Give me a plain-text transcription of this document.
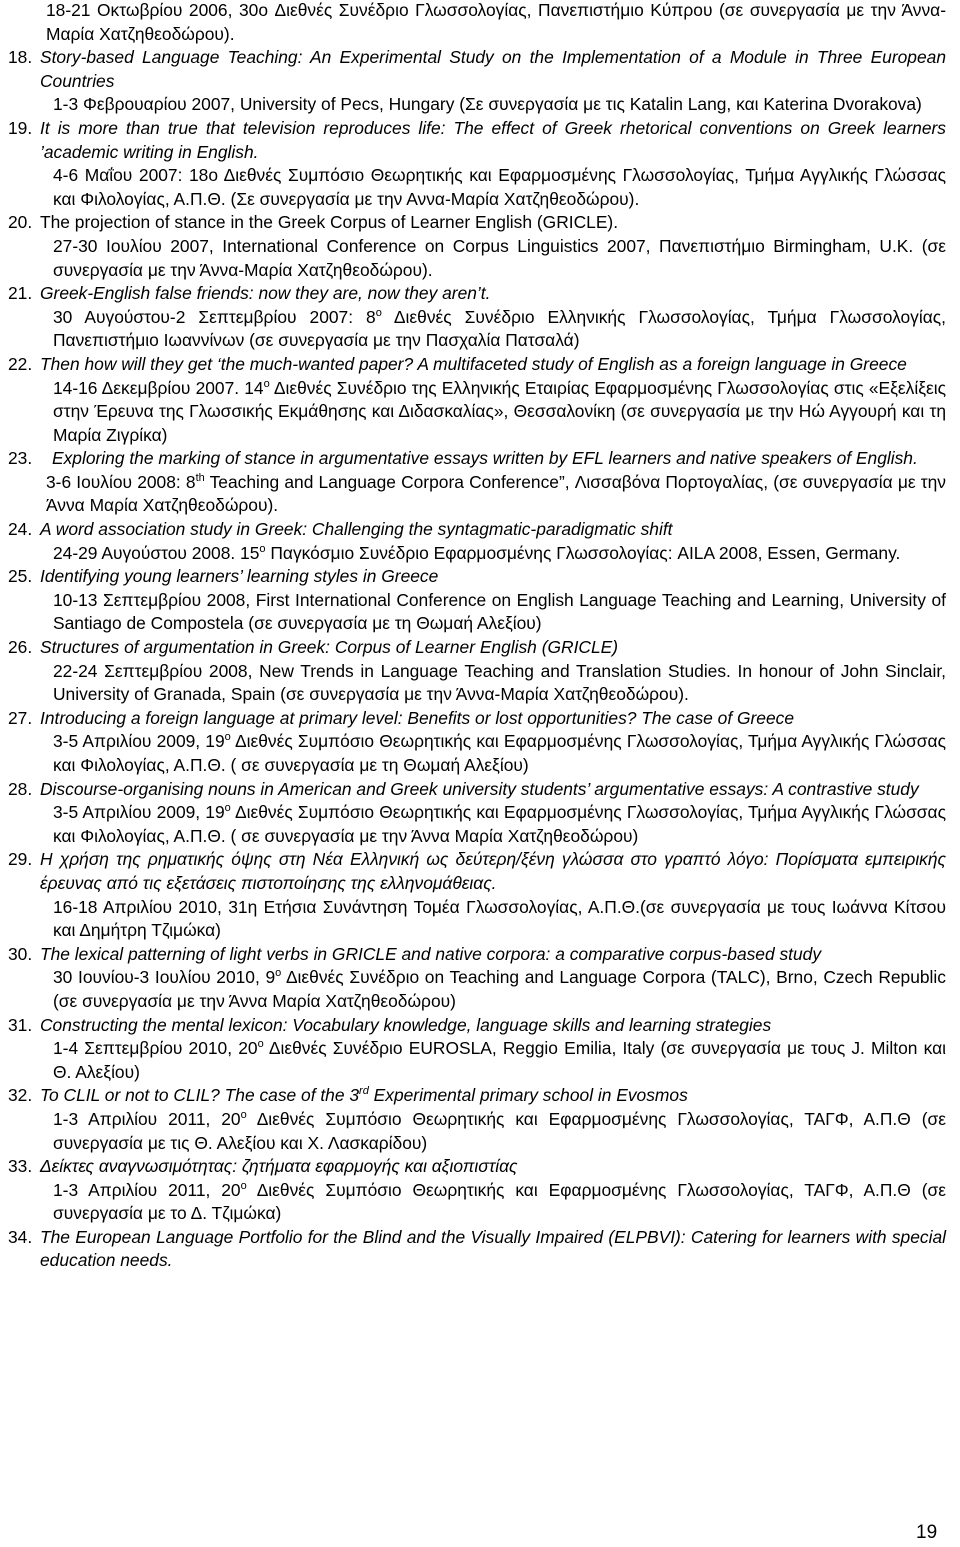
18-21 Οκτωβρίου 2006, 30o Διεθνές Συνέδριο Γλωσσολογίας, Πανεπιστήμιο Κύπρου (σε συνεργασία με την Άννα-Μαρία Χατζηθεοδώρου).
18. Story-based Language Teaching: An Experimental Study on the Implementation of a Module in Three European Countries
1-3 Φεβρουαρίου 2007, University of Pecs, Hungary (Σε συνεργασία με τις Katalin Lang, και Katerina Dvorakova)
19. It is more than true that television reproduces life: The effect of Greek rhetorical conventions on Greek learners ’academic writing in English.
4-6 Μαΐου 2007: 18ο Διεθνές Συμπόσιο Θεωρητικής και Εφαρμοσμένης Γλωσσολογίας, Τμήμα Αγγλικής Γλώσσας και Φιλολογίας, Α.Π.Θ. (Σε συνεργασία με την Αννα-Μαρία Χατζηθεοδώρου).
20. The projection of stance in the Greek Corpus of Learner English (GRICLE).
27-30 Ιουλίου 2007, International Conference on Corpus Linguistics 2007, Πανεπιστήμιο Birmingham, U.K. (σε συνεργασία με την Άννα-Μαρία Χατζηθεοδώρου).
21. Greek-English false friends: now they are, now they aren’t.
30 Αυγούστου-2 Σεπτεμβρίου 2007: $8^o$ Διεθνές Συνέδριο Ελληνικής Γλωσσολογίας, Τμήμα Γλωσσολογίας, Πανεπιστήμιο Ιωαννίνων (σε συνεργασία με την Πασχαλία Πατσαλά)
22. Then how will they get ‘the much-wanted paper? A multifaceted study of English as a foreign language in Greece
14-16 Δεκεμβρίου 2007. $14^o$ Διεθνές Συνέδριο της Ελληνικής Εταιρίας Εφαρμοσμένης Γλωσσολογίας στις «Εξελίξεις στην Έρευνα της Γλωσσικής Εκμάθησης και Διδασκαλίας», Θεσσαλονίκη (σε συνεργασία με την Ηώ Αγγουρή και τη Μαρία Ζιγρίκα)
23.	Exploring the marking of stance in argumentative essays written by EFL learners and native speakers of English.
3-6 Ιουλίου 2008: 8th Teaching and Language Corpora Conference”, Λισσαβόνα Πορτογαλίας, (σε συνεργασία με την Άννα Μαρία Χατζηθεοδώρου).
24. A word association study in Greek: Challenging the syntagmatic-paradigmatic shift
24-29 Αυγούστου 2008. $15^o$ Παγκόσμιο Συνέδριο Εφαρμοσμένης Γλωσσολογίας: AILA 2008, Essen, Germany.
25. Identifying young learners’ learning styles in Greece
10-13 Σεπτεμβρίου 2008, First International Conference on English Language Teaching and Learning, University of Santiago de Compostela (σε συνεργασία με τη Θωμαή Αλεξίου)
26. Structures of argumentation in Greek: Corpus of Learner English (GRICLE)
22-24 Σεπτεμβρίου 2008, New Trends in Language Teaching and Translation Studies. In honour of John Sinclair, University of Granada, Spain (σε συνεργασία με την Άννα-Μαρία Χατζηθεοδώρου).
27. Introducing a foreign language at primary level: Benefits or lost opportunities? The case of Greece
3-5 Απριλίου 2009, $19^o$ Διεθνές Συμπόσιο Θεωρητικής και Εφαρμοσμένης Γλωσσολογίας, Τμήμα Αγγλικής Γλώσσας και Φιλολογίας, Α.Π.Θ. ( σε συνεργασία με τη Θωμαή Αλεξίου)
28. Discourse-organising nouns in American and Greek university students’ argumentative essays: A contrastive study
3-5 Απριλίου 2009, $19^o$ Διεθνές Συμπόσιο Θεωρητικής και Εφαρμοσμένης Γλωσσολογίας, Τμήμα Αγγλικής Γλώσσας και Φιλολογίας, Α.Π.Θ. ( σε συνεργασία με την Άννα Μαρία Χατζηθεοδώρου)
29. Η χρήση της ρηματικής όψης στη Νέα Ελληνική ως δεύτερη/ξένη γλώσσα στο γραπτό λόγο: Πορίσματα εμπειρικής έρευνας από τις εξετάσεις πιστοποίησης της ελληνομάθειας.
16-18 Απριλίου 2010, 31η Ετήσια Συνάντηση Τομέα Γλωσσολογίας, Α.Π.Θ.(σε συνεργασία με τους Ιωάννα Κίτσου και Δημήτρη Τζιμώκα)
30. The lexical patterning of light verbs in GRICLE and native corpora: a comparative corpus-based study
30 Ιουνίου-3 Ιουλίου 2010, $9^o$ Διεθνές Συνέδριο on Teaching and Language Corpora (TALC), Brno, Czech Republic (σε συνεργασία με την Άννα Μαρία Χατζηθεοδώρου)
31. Constructing the mental lexicon: Vocabulary knowledge, language skills and learning strategies
1-4 Σεπτεμβρίου 2010, $20^o$ Διεθνές Συνέδριο EUROSLA, Reggio Emilia, Italy (σε συνεργασία με τους J. Milton και Θ. Αλεξίου)
32. To CLIL or not to CLIL? The case of the 3rd Experimental primary school in Evosmos
1-3 Απριλίου 2011, $20^o$ Διεθνές Συμπόσιο Θεωρητικής και Εφαρμοσμένης Γλωσσολογίας, ΤΑΓΦ, Α.Π.Θ (σε συνεργασία με τις Θ. Αλεξίου και Χ. Λασκαρίδου)
33. Δείκτες αναγνωσιμότητας: ζητήματα εφαρμογής και αξιοπιστίας
1-3 Απριλίου 2011, $20^o$ Διεθνές Συμπόσιο Θεωρητικής και Εφαρμοσμένης Γλωσσολογίας, ΤΑΓΦ, Α.Π.Θ (σε συνεργασία με το Δ. Τζιμώκα)
34. The European Language Portfolio for the Blind and the Visually Impaired (ELPBVI): Catering for learners with special education needs.
19
